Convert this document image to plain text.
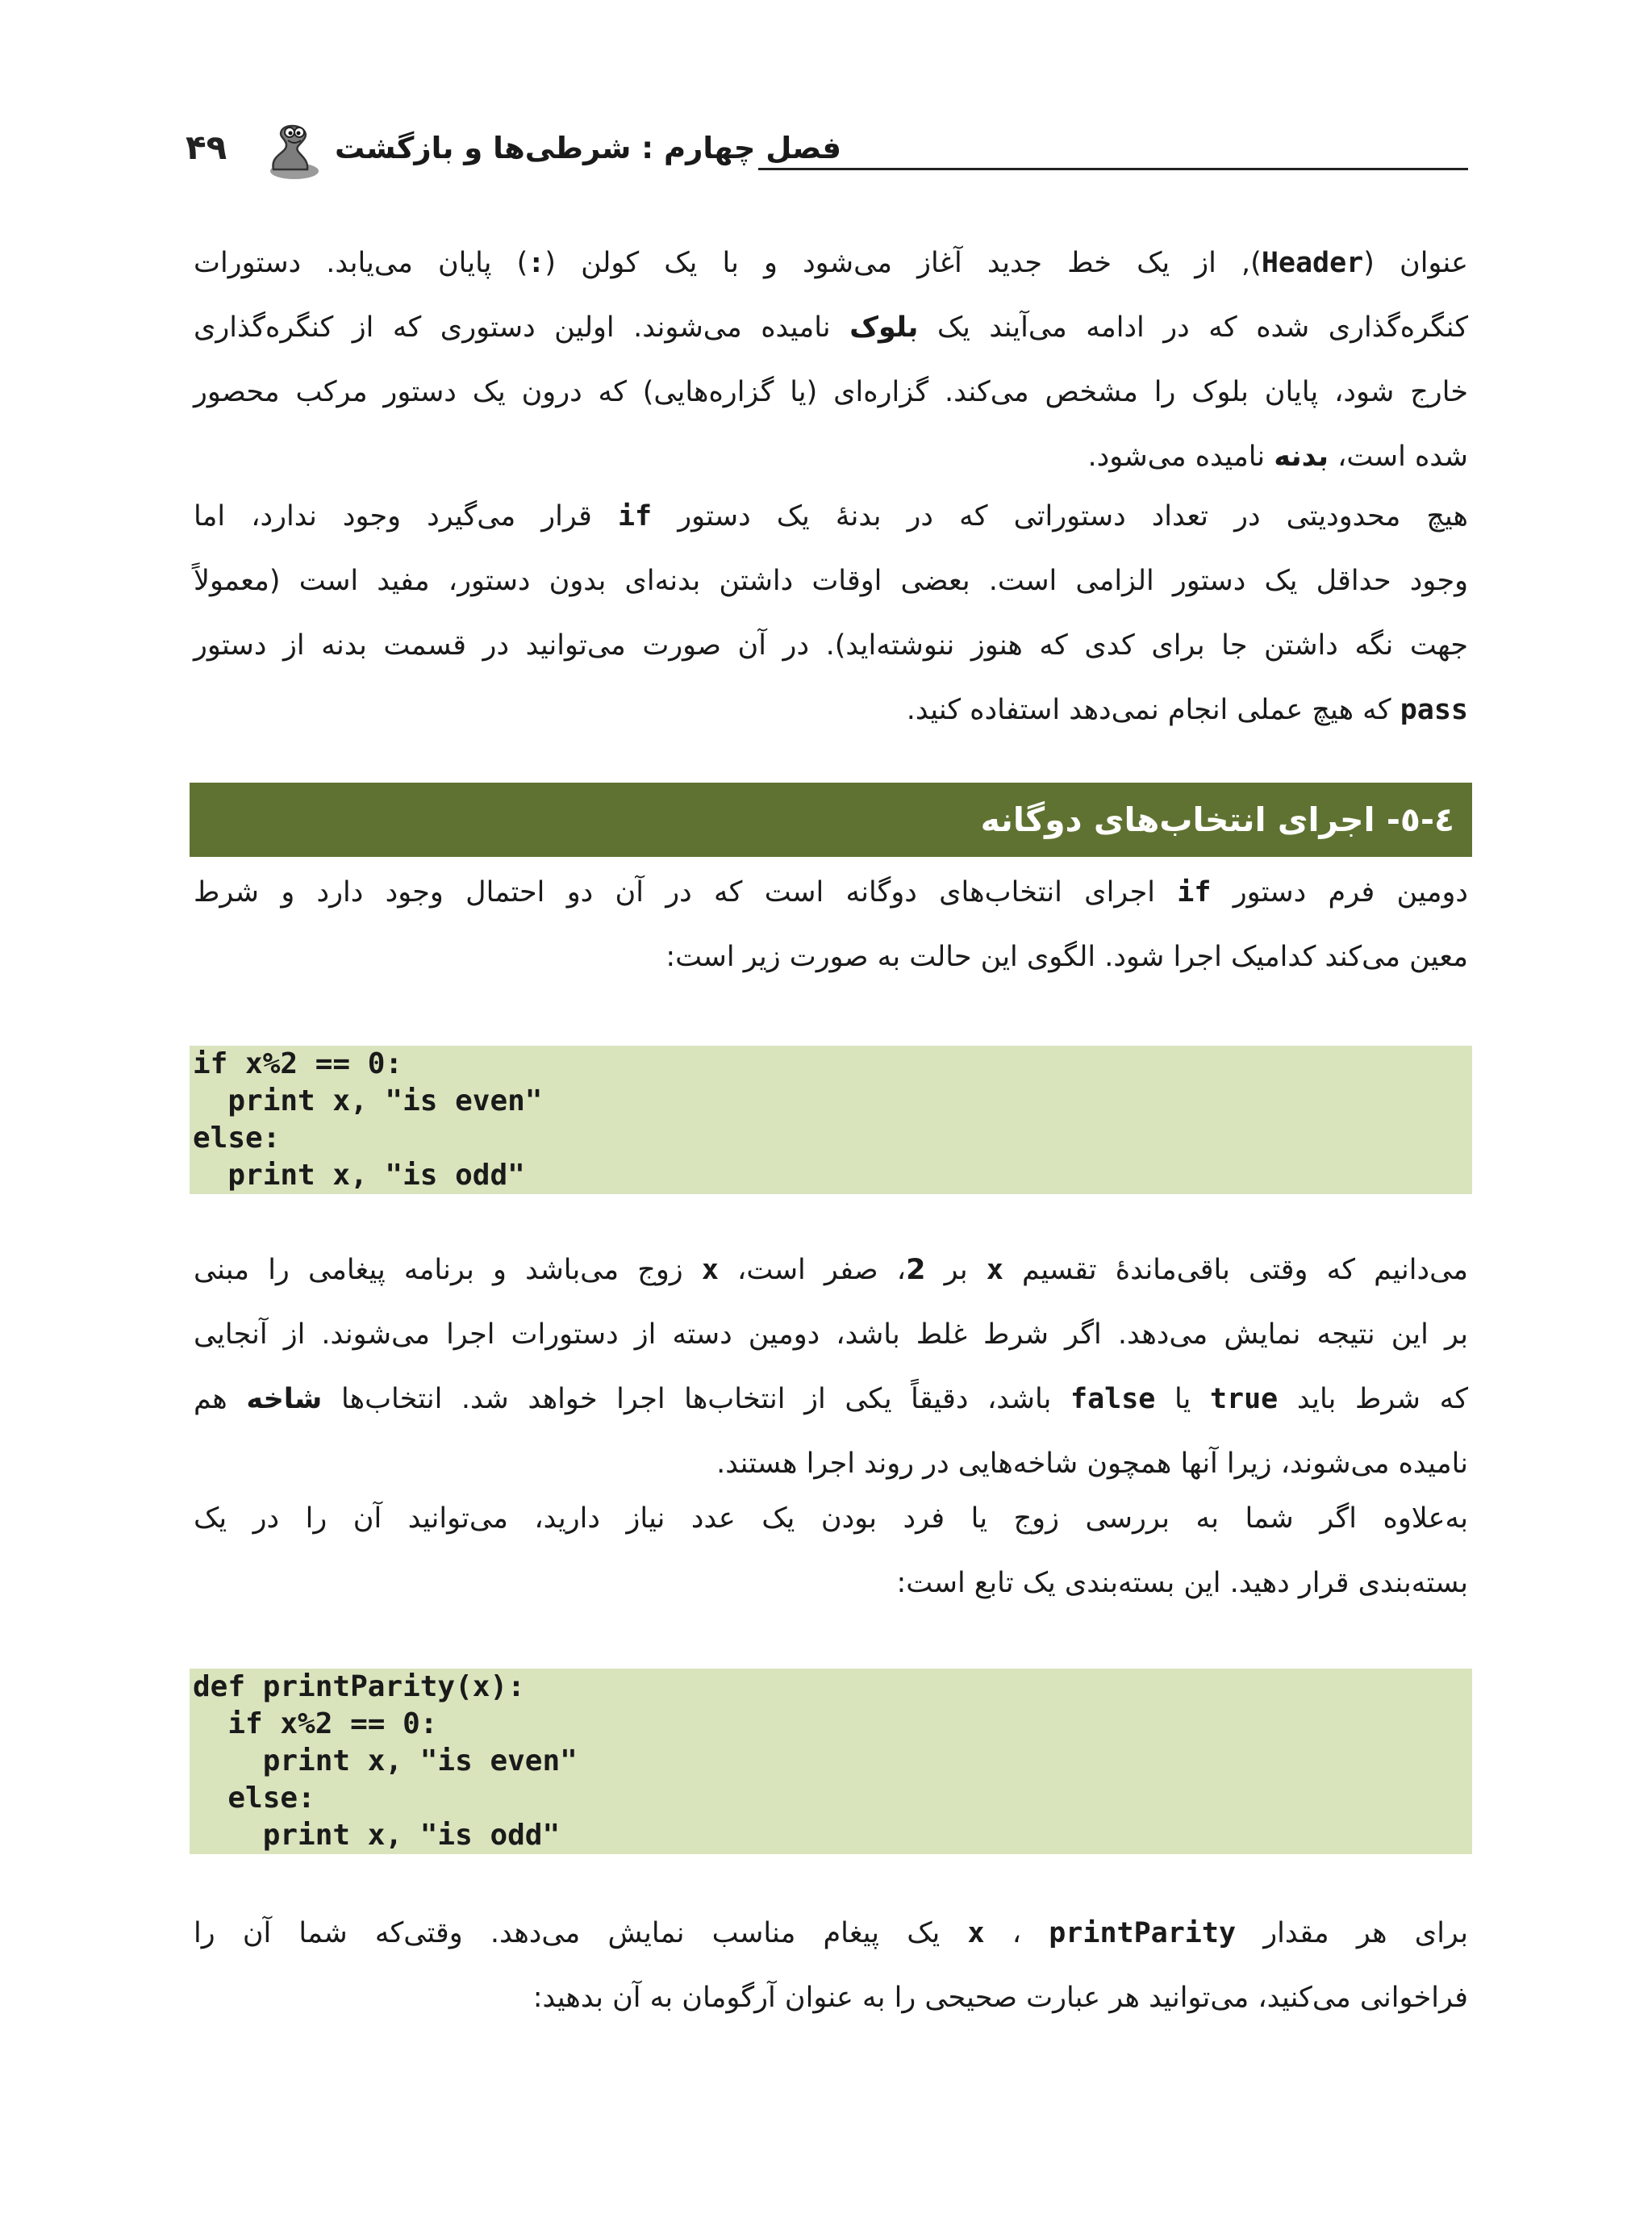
۴۹	فصل چهارم : شرطی‌ها و بازگشت
عنوان (Header), از یک خط جدید آغاز می‌شود و با یک کولن (:) پایان می‌یابد. دستورات
کنگره‌گذاری شده که در ادامه می‌آیند یک بلوک نامیده می‌شوند. اولین دستوری که از کنگره‌گذاری
خارج شود، پایان بلوک را مشخص می‌کند. گزاره‌ای (یا گزاره‌هایی) که درون یک دستور مرکب محصور
شده است، بدنه نامیده می‌شود.
هیچ محدودیتی در تعداد دستوراتی که در بدنهٔ یک دستور if قرار می‌گیرد وجود ندارد، اما
وجود حداقل یک دستور الزامی است. بعضی اوقات داشتن بدنه‌ای بدون دستور، مفید است (معمولاً
جهت نگه داشتن جا برای کدی که هنوز ننوشته‌اید). در آن صورت می‌توانید در قسمت بدنه از دستور
pass که هیچ عملی انجام نمی‌دهد استفاده کنید.
٤-٥- اجرای انتخاب‌های دوگانه
دومین فرم دستور if اجرای انتخاب‌های دوگانه است که در آن دو احتمال وجود دارد و شرط
معین می‌کند کدامیک اجرا شود. الگوی این حالت به صورت زیر است:
if x%2 == 0:
print x, "is even"
else:
print x, "is odd"
می‌دانیم که وقتی باقی‌ماندهٔ تقسیم x بر 2، صفر است، x زوج می‌باشد و برنامه پیغامی را مبنی
بر این نتیجه نمایش می‌دهد. اگر شرط غلط باشد، دومین دسته از دستورات اجرا می‌شوند. از آنجایی
که شرط باید true یا false باشد، دقیقاً یکی از انتخاب‌ها اجرا خواهد شد. انتخاب‌ها شاخه هم
نامیده می‌شوند، زیرا آنها همچون شاخه‌هایی در روند اجرا هستند.
به‌علاوه اگر شما به بررسی زوج یا فرد بودن یک عدد نیاز دارید، می‌توانید آن را در یک
بسته‌بندی قرار دهید. این بسته‌بندی یک تابع است:
def printParity(x):
if x%2 == 0:
print x, "is even"
else:
print x, "is odd"
برای هر مقدار x ، printParity یک پیغام مناسب نمایش می‌دهد. وقتی‌که شما آن را
فراخوانی می‌کنید، می‌توانید هر عبارت صحیحی را به عنوان آرگومان به آن بدهید:
